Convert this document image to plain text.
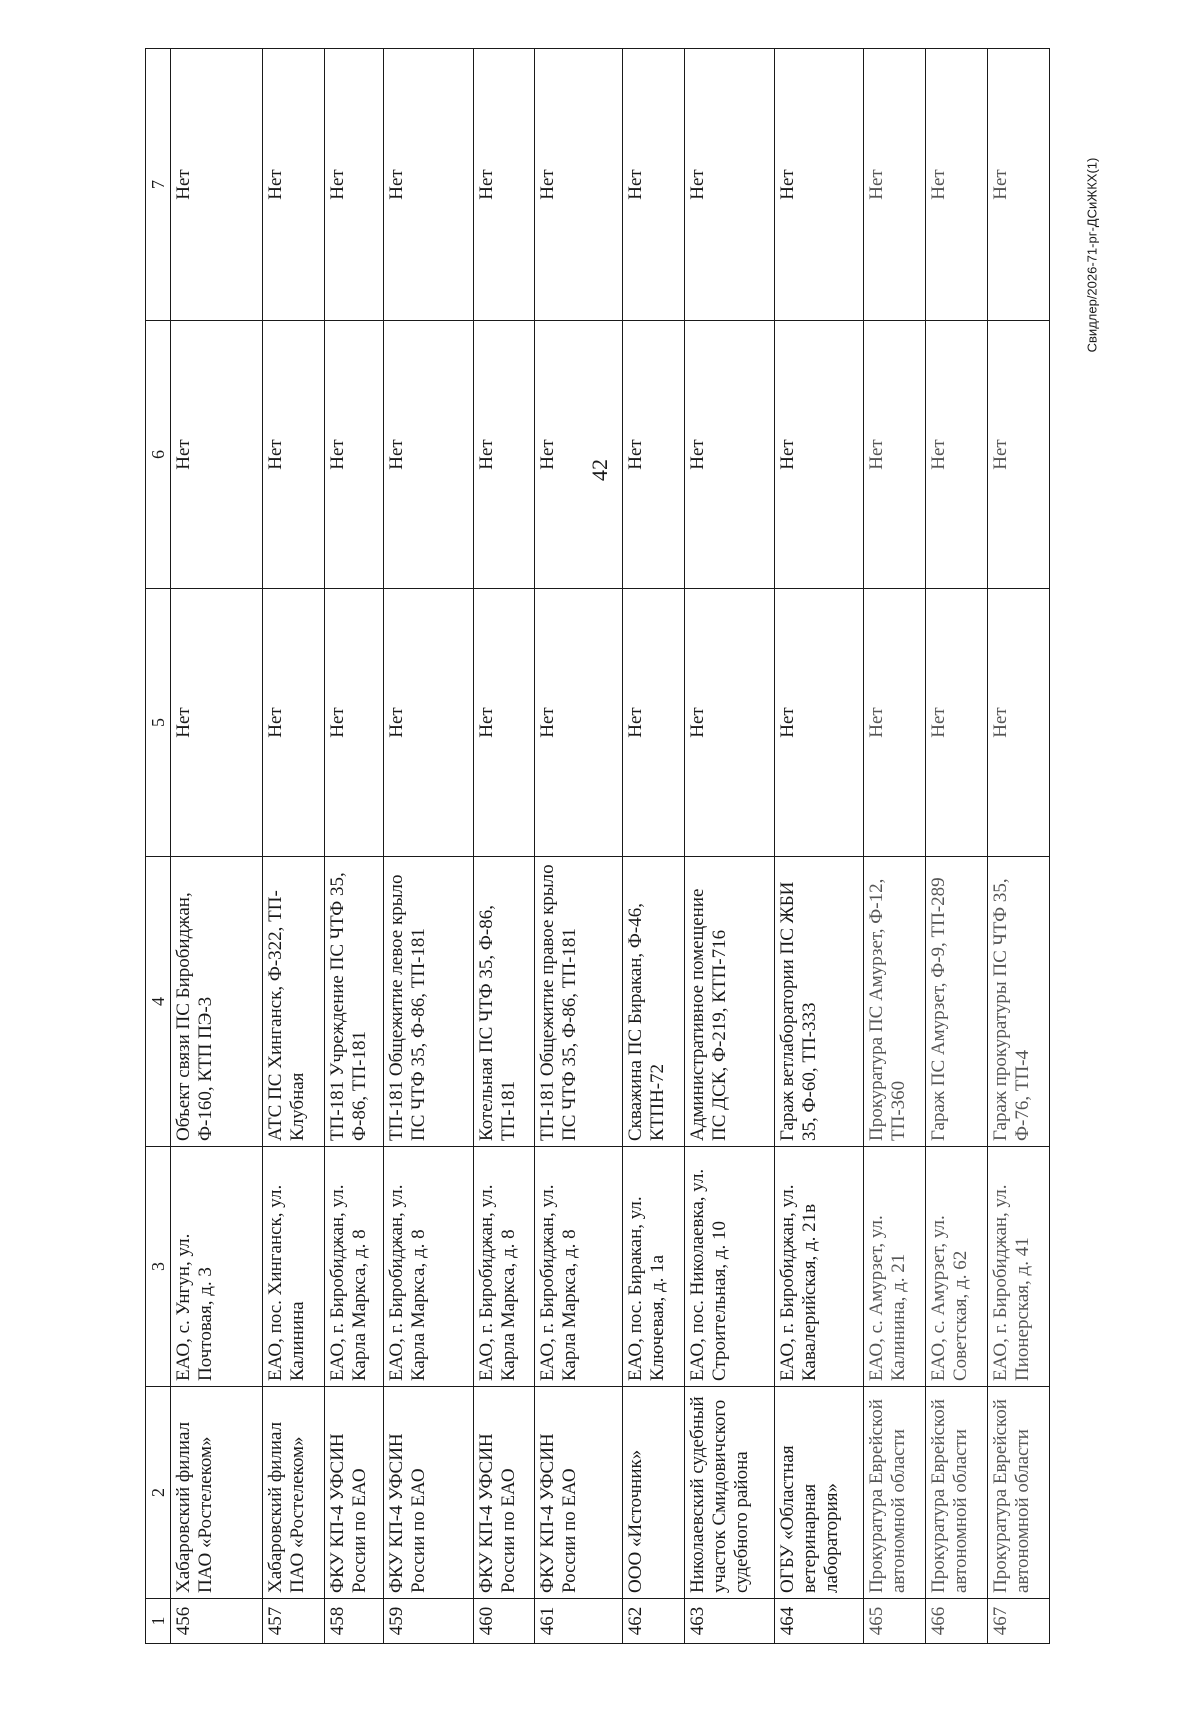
42
Свидлер/2026-71-рг-ДСиЖКХ(1)
1	2	3	4	5	6	7
456	Хабаровский филиал ПАО «Ростелеком»	ЕАО, с. Унгун, ул. Почтовая, д. 3	Объект связи ПС Биробиджан, Ф-160, КТП ПЭ-3	Нет	Нет	Нет
457	Хабаровский филиал ПАО «Ростелеком»	ЕАО, пос. Хинганск, ул. Калинина	АТС ПС Хинганск, Ф-322, ТП-Клубная	Нет	Нет	Нет
458	ФКУ КП-4 УФСИН России по ЕАО	ЕАО, г. Биробиджан, ул. Карла Маркса, д. 8	ТП-181 Учреждение ПС ЧТФ 35, Ф-86, ТП-181	Нет	Нет	Нет
459	ФКУ КП-4 УФСИН России по ЕАО	ЕАО, г. Биробиджан, ул. Карла Маркса, д. 8	ТП-181 Общежитие левое крыло ПС ЧТФ 35, Ф-86, ТП-181	Нет	Нет	Нет
460	ФКУ КП-4 УФСИН России по ЕАО	ЕАО, г. Биробиджан, ул. Карла Маркса, д. 8	Котельная ПС ЧТФ 35, Ф-86, ТП-181	Нет	Нет	Нет
461	ФКУ КП-4 УФСИН России по ЕАО	ЕАО, г. Биробиджан, ул. Карла Маркса, д. 8	ТП-181 Общежитие правое крыло ПС ЧТФ 35, Ф-86, ТП-181	Нет	Нет	Нет
462	ООО «Источник»	ЕАО, пос. Биракан, ул. Ключевая, д. 1а	Скважина ПС Биракан, Ф-46, КТПН-72	Нет	Нет	Нет
463	Николаевский судебный участок Смидовичского судебного района	ЕАО, пос. Николаевка, ул. Строительная, д. 10	Административное помещение ПС ДСК, Ф-219, КТП-716	Нет	Нет	Нет
464	ОГБУ «Областная ветеринарная лаборатория»	ЕАО, г. Биробиджан, ул. Кавалерийская, д. 21в	Гараж ветлаборатории ПС ЖБИ 35, Ф-60, ТП-333	Нет	Нет	Нет
465	Прокуратура Еврейской автономной области	ЕАО, с. Амурзет, ул. Калинина, д. 21	Прокуратура ПС Амурзет, Ф-12, ТП-360	Нет	Нет	Нет
466	Прокуратура Еврейской автономной области	ЕАО, с. Амурзет, ул. Советская, д. 62	Гараж ПС Амурзет, Ф-9, ТП-289	Нет	Нет	Нет
467	Прокуратура Еврейской автономной области	ЕАО, г. Биробиджан, ул. Пионерская, д. 41	Гараж прокуратуры ПС ЧТФ 35, Ф-76, ТП-4	Нет	Нет	Нет
